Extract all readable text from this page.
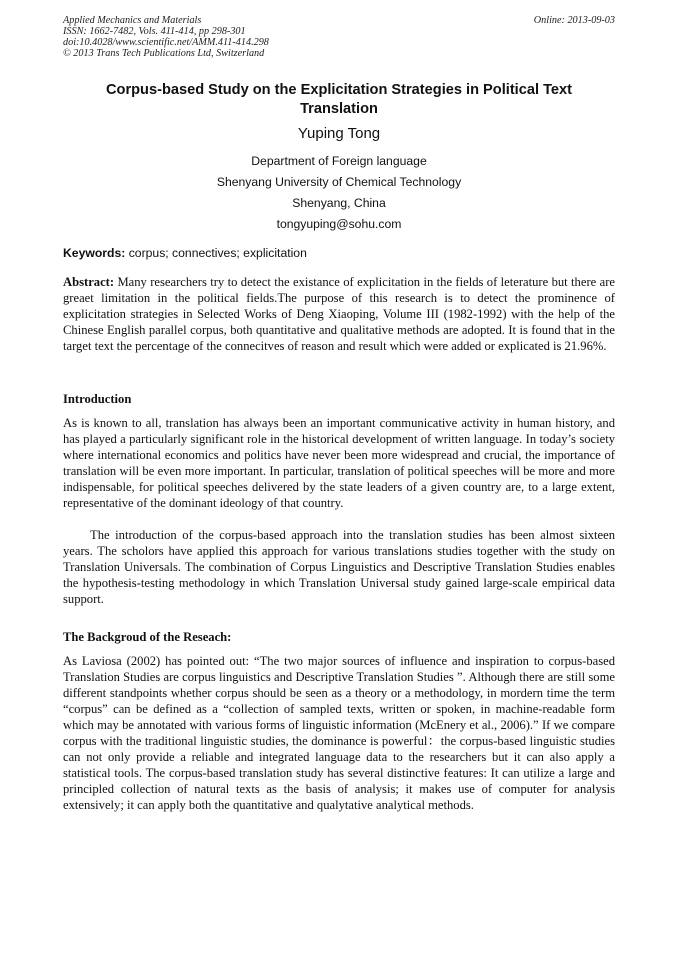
Applied Mechanics and Materials
ISSN: 1662-7482, Vols. 411-414, pp 298-301
doi:10.4028/www.scientific.net/AMM.411-414.298
© 2013 Trans Tech Publications Ltd, Switzerland
Online: 2013-09-03
Corpus-based Study on the Explicitation Strategies in Political Text Translation
Yuping Tong
Department of Foreign language
Shenyang University of Chemical Technology
Shenyang, China
tongyuping@sohu.com
Keywords: corpus; connectives; explicitation
Abstract: Many researchers try to detect the existance of explicitation in the fields of leterature but there are greaet limitation in the political fields.The purpose of this research is to detect the prominence of explicitation strategies in Selected Works of Deng Xiaoping, Volume III (1982-1992) with the help of the Chinese English parallel corpus, both quantitative and qualitative methods are adopted. It is found that in the target text the percentage of the connecitves of reason and result which were added or explicated is 21.96%.
Introduction
As is known to all, translation has always been an important communicative activity in human history, and has played a particularly significant role in the historical development of written language. In today’s society where international economics and politics have never been more widespread and crucial, the importance of translation will be even more important. In particular, translation of political speeches will be more and more indispensable, for political speeches delivered by the state leaders of a given country are, to a large extent, representative of the dominant ideology of that country.
The introduction of the corpus-based approach into the translation studies has been almost sixteen years. The scholors have applied this approach for various translations studies together with the study on Translation Universals. The combination of Corpus Linguistics and Descriptive Translation Studies enables the hypothesis-testing methodology in which Translation Universal study gained large-scale empirical data support.
The Backgroud of the Reseach:
As Laviosa (2002) has pointed out: “The two major sources of influence and inspiration to corpus-based Translation Studies are corpus linguistics and Descriptive Translation Studies ”. Although there are still some different standpoints whether corpus should be seen as a theory or a methodology, in mordern time the term “corpus” can be defined as a “collection of sampled texts, written or spoken, in machine-readable form which may be annotated with various forms of linguistic information (McEnery et al., 2006).” If we compare corpus with the traditional linguistic studies, the dominance is powerful：the corpus-based linguistic studies can not only provide a reliable and integrated language data to the researchers but it can also apply a statistical tools. The corpus-based translation study has several distinctive features: It can utilize a large and principled collection of natural texts as the basis of analysis; it makes use of computer for analysis extensively; it can apply both the quantitative and qualytative analytical methods.
